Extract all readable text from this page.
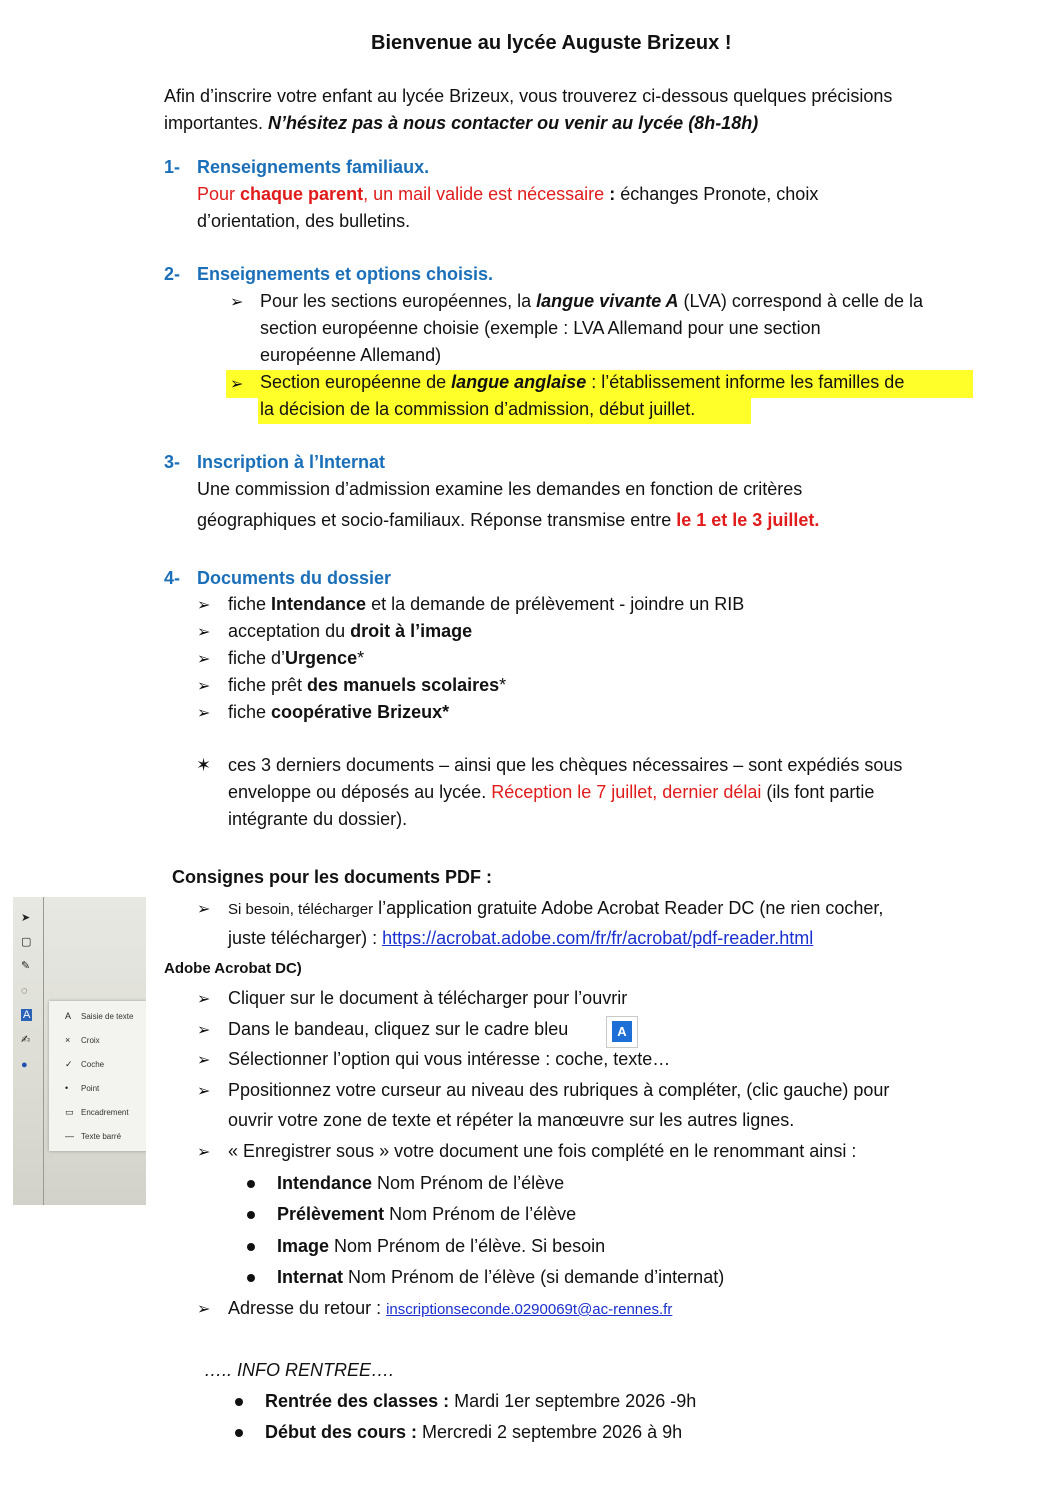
Bienvenue au lycée Auguste Brizeux !
Afin d’inscrire votre enfant au lycée Brizeux, vous trouverez ci-dessous quelques précisions
importantes. N’hésitez pas à nous contacter ou venir au lycée (8h-18h)
1- Renseignements familiaux.
Pour chaque parent, un mail valide est nécessaire : échanges Pronote, choix
d’orientation, des bulletins.
2- Enseignements et options choisis.
➢ Pour les sections européennes, la langue vivante A (LVA) correspond à celle de la
section européenne choisie (exemple : LVA Allemand pour une section
européenne Allemand)
➢ Section européenne de langue anglaise : l’établissement informe les familles de
la décision de la commission d’admission, début juillet.
3- Inscription à l’Internat
Une commission d’admission examine les demandes en fonction de critères
géographiques et socio-familiaux. Réponse transmise entre le 1 et le 3 juillet.
4- Documents du dossier
➢ fiche Intendance et la demande de prélèvement - joindre un RIB
➢ acceptation du droit à l’image
➢ fiche d’Urgence*
➢ fiche prêt des manuels scolaires*
➢ fiche coopérative Brizeux*
✶ ces 3 derniers documents – ainsi que les chèques nécessaires – sont expédiés sous
enveloppe ou déposés au lycée. Réception le 7 juillet, dernier délai (ils font partie
intégrante du dossier).
Consignes pour les documents PDF :
➢ Si besoin, télécharger l’application gratuite Adobe Acrobat Reader DC (ne rien cocher,
juste télécharger) : https://acrobat.adobe.com/fr/fr/acrobat/pdf-reader.html
Adobe Acrobat DC)
➢ Cliquer sur le document à télécharger pour l’ouvrir
➢ Dans le bandeau, cliquez sur le cadre bleu	A
➢ Sélectionner l’option qui vous intéresse : coche, texte…
➢ Ppositionnez votre curseur au niveau des rubriques à compléter, (clic gauche) pour
ouvrir votre zone de texte et répéter la manœuvre sur les autres lignes.
➢ « Enregistrer sous » votre document une fois complété en le renommant ainsi :
Intendance Nom Prénom de l’élève
Prélèvement Nom Prénom de l’élève
Image Nom Prénom de l’élève. Si besoin
Internat Nom Prénom de l’élève (si demande d’internat)
➢ Adresse du retour : inscriptionseconde.0290069t@ac-rennes.fr
….. INFO RENTREE….
Rentrée des classes : Mardi 1er septembre 2026 -9h
Début des cours : Mercredi 2 septembre 2026 à 9h
➤
▢
✎
◌
A
✍
●
A Saisie de texte
× Croix
✓ Coche
• Point
▭ Encadrement
— Texte barré
